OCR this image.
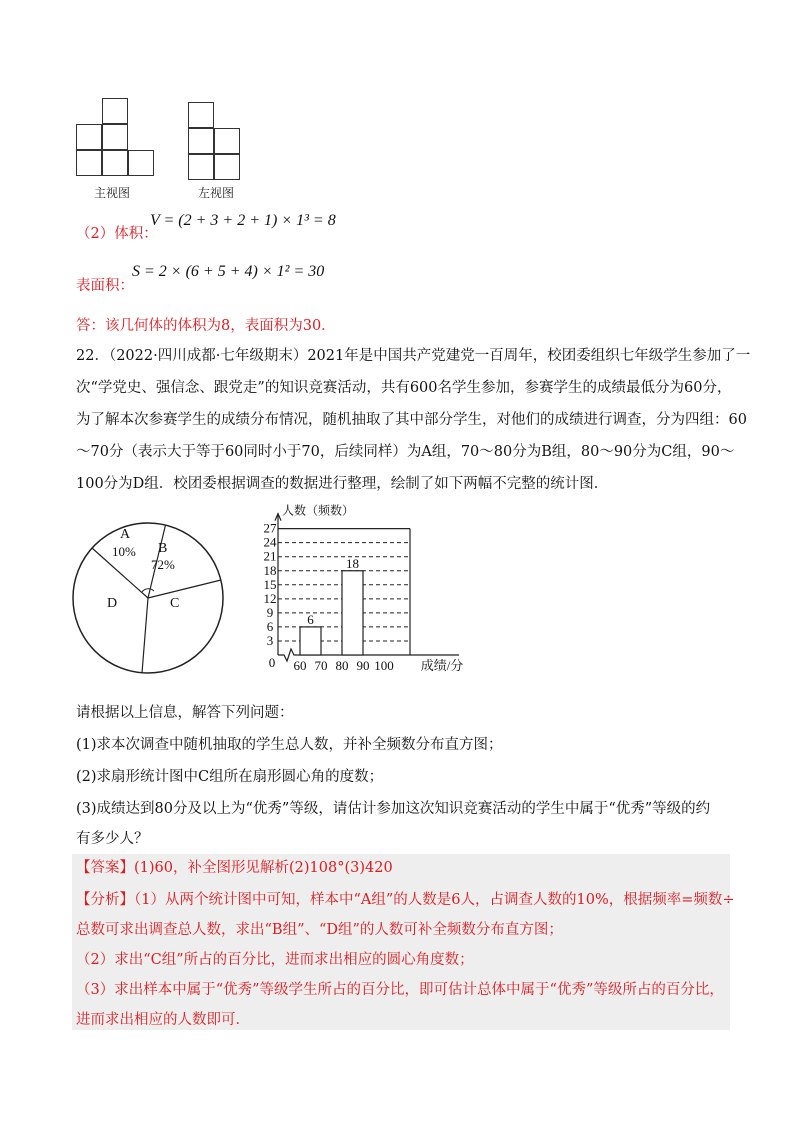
主视图	左视图
（2）体积：
V = (2 + 3 + 2 + 1) × 1³ = 8
表面积：
S = 2 × (6 + 5 + 4) × 1² = 30
答：该几何体的体积为8，表面积为30．
22．（2022·四川成都·七年级期末）2021年是中国共产党建党一百周年，校团委组织七年级学生参加了一
次“学党史、强信念、跟党走”的知识竞赛活动，共有600名学生参加，参赛学生的成绩最低分为60分，
为了解本次参赛学生的成绩分布情况，随机抽取了其中部分学生，对他们的成绩进行调查，分为四组：60
～70分（表示大于等于60同时小于70，后续同样）为A组，70～80分为B组，80～90分为C组，90～
100分为D组．校团委根据调查的数据进行整理，绘制了如下两幅不完整的统计图．
A
10% B
72%
C
D
人数（频数）
0
3
6
9
12
15
18
21
24
27
6
18
60 70 80 90 100 成绩/分
请根据以上信息，解答下列问题：
(1)求本次调查中随机抽取的学生总人数，并补全频数分布直方图；
(2)求扇形统计图中C组所在扇形圆心角的度数；
(3)成绩达到80分及以上为“优秀”等级，请估计参加这次知识竞赛活动的学生中属于“优秀”等级的约
有多少人？
【答案】(1)60，补全图形见解析(2)108°(3)420
【分析】（1）从两个统计图中可知，样本中“A组”的人数是6人，占调查人数的10%，根据频率=频数÷
总数可求出调查总人数，求出“B组”、“D组”的人数可补全频数分布直方图；
（2）求出“C组”所占的百分比，进而求出相应的圆心角度数；
（3）求出样本中属于“优秀”等级学生所占的百分比，即可估计总体中属于“优秀”等级所占的百分比，
进而求出相应的人数即可．
